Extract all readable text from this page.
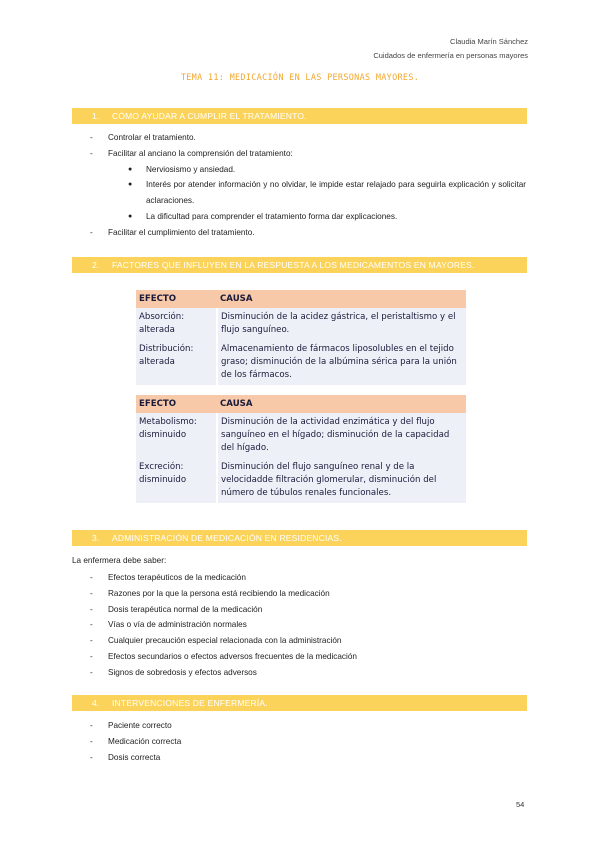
Claudia Marín Sánchez
Cuidados de enfermería en personas mayores
TEMA 11: MEDICACIÓN EN LAS PERSONAS MAYORES.
1. CÓMO AYUDAR A CUMPLIR EL TRATAMIENTO.
- Controlar el tratamiento.
- Facilitar al anciano la comprensión del tratamiento:
● Nerviosismo y ansiedad.
● Interés por atender información y no olvidar, le impide estar relajado para seguirla explicación y solicitar aclaraciones.
● La dificultad para comprender el tratamiento forma dar explicaciones.
- Facilitar el cumplimiento del tratamiento.
2. FACTORES QUE INFLUYEN EN LA RESPUESTA A LOS MEDICAMENTOS EN MAYORES.
EFECTO	CAUSA
Absorción: alterada	Disminución de la acidez gástrica, el peristaltismo y el flujo sanguíneo.
Distribución: alterada	Almacenamiento de fármacos liposolubles en el tejido graso; disminución de la albúmina sérica para la unión de los fármacos.
EFECTO	CAUSA
Metabolismo: disminuido	Disminución de la actividad enzimática y del flujo sanguíneo en el hígado; disminución de la capacidad del hígado.
Excreción: disminuido	Disminución del flujo sanguíneo renal y de la velocidadde filtración glomerular, disminución del número de túbulos renales funcionales.
3. ADMINISTRACIÓN DE MEDICACIÓN EN RESIDENCIAS.
La enfermera debe saber:
- Efectos terapéuticos de la medicación
- Razones por la que la persona está recibiendo la medicación
- Dosis terapéutica normal de la medicación
- Vías o vía de administración normales
- Cualquier precaución especial relacionada con la administración
- Efectos secundarios o efectos adversos frecuentes de la medicación
- Signos de sobredosis y efectos adversos
4. INTERVENCIONES DE ENFERMERÍA.
- Paciente correcto
- Medicación correcta
- Dosis correcta
54
